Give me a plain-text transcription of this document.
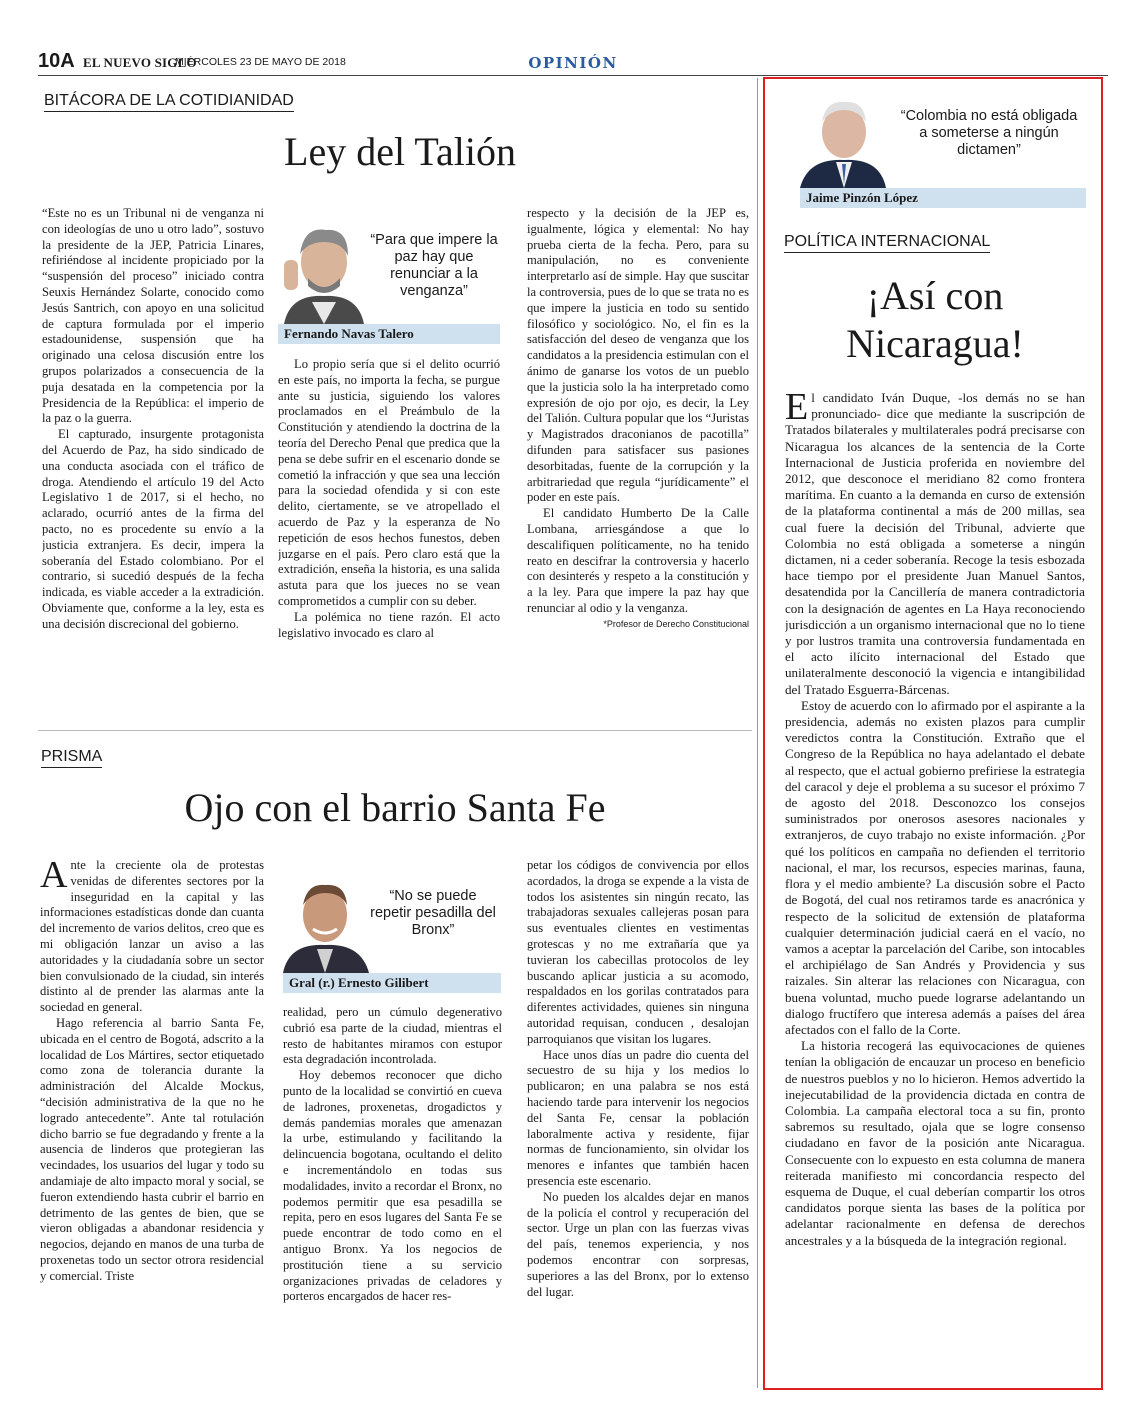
10A EL NUEVO SIGLO
MIÉRCOLES 23 DE MAYO DE 2018	OPINIÓN
BITÁCORA DE LA COTIDIANIDAD
Ley del Talión

“Este no es un Tribunal ni de venganza ni con ideologías de uno u otro lado”, sostuvo la presidente de la JEP, Patricia Linares, refiriéndose al incidente propiciado por la “suspensión del proceso” iniciado contra Seuxis Hernández Solarte, conocido como Jesús Santrich, con apoyo en una solicitud de captura formulada por el imperio estadounidense, suspensión que ha originado una celosa discusión entre los grupos polarizados a consecuencia de la puja desatada en la competencia por la Presidencia de la República: el imperio de la paz o la guerra.

El capturado, insurgente protagonista del Acuerdo de Paz, ha sido sindicado de una conducta asociada con el tráfico de droga. Atendiendo el artículo 19 del Acto Legislativo 1 de 2017, si el hecho, no aclarado, ocurrió antes de la firma del pacto, no es procedente su envío a la justicia extranjera. Es decir, impera la soberanía del Estado colombiano. Por el contrario, si sucedió después de la fecha indicada, es viable acceder a la extradición. Obviamente que, conforme a la ley, esta es una decisión discrecional del gobierno.

“Para que impere la paz hay que renunciar a la venganza”
Fernando Navas Talero

Lo propio sería que si el delito ocurrió en este país, no importa la fecha, se purgue ante su justicia, siguiendo los valores proclamados en el Preámbulo de la Constitución y atendiendo la doctrina de la teoría del Derecho Penal que predica que la pena se debe sufrir en el escenario donde se cometió la infracción y que sea una lección para la sociedad ofendida y si con este delito, ciertamente, se ve atropellado el acuerdo de Paz y la esperanza de No repetición de esos hechos funestos, deben juzgarse en el país. Pero claro está que la extradición, enseña la historia, es una salida astuta para que los jueces no se vean comprometidos a cumplir con su deber.

La polémica no tiene razón. El acto legislativo invocado es claro al

respecto y la decisión de la JEP es, igualmente, lógica y elemental: No hay prueba cierta de la fecha. Pero, para su manipulación, no es conveniente interpretarlo así de simple. Hay que suscitar la controversia, pues de lo que se trata no es que impere la justicia en todo su sentido filosófico y sociológico. No, el fin es la satisfacción del deseo de venganza que los candidatos a la presidencia estimulan con el ánimo de ganarse los votos de un pueblo que la justicia solo la ha interpretado como expresión de ojo por ojo, es decir, la Ley del Talión. Cultura popular que los “Juristas y Magistrados draconianos de pacotilla” difunden para satisfacer sus pasiones desorbitadas, fuente de la corrupción y la arbitrariedad que regula “jurídicamente” el poder en este país.

El candidato Humberto De la Calle Lombana, arriesgándose a que lo descalifiquen políticamente, no ha tenido reato en descifrar la controversia y hacerlo con desinterés y respeto a la constitución y a la ley. Para que impere la paz hay que renunciar al odio y la venganza.

*Profesor de Derecho Constitucional

PRISMA
Ojo con el barrio Santa Fe

Ante la creciente ola de protestas venidas de diferentes sectores por la inseguridad en la capital y las informaciones estadísticas donde dan cuanta del incremento de varios delitos, creo que es mi obligación lanzar un aviso a las autoridades y la ciudadanía sobre un sector bien convulsionado de la ciudad, sin interés distinto al de prender las alarmas ante la sociedad en general.

Hago referencia al barrio Santa Fe, ubicada en el centro de Bogotá, adscrito a la localidad de Los Mártires, sector etiquetado como zona de tolerancia durante la administración del Alcalde Mockus, “decisión administrativa de la que no he logrado antecedente”. Ante tal rotulación dicho barrio se fue degradando y frente a la ausencia de linderos que protegieran las vecindades, los usuarios del lugar y todo su andamiaje de alto impacto moral y social, se fueron extendiendo hasta cubrir el barrio en detrimento de las gentes de bien, que se vieron obligadas a abandonar residencia y negocios, dejando en manos de una turba de proxenetas todo un sector otrora residencial y comercial. Triste

“No se puede repetir pesadilla del Bronx”
Gral (r.) Ernesto Gilibert

realidad, pero un cúmulo degenerativo cubrió esa parte de la ciudad, mientras el resto de habitantes miramos con estupor esta degradación incontrolada.

Hoy debemos reconocer que dicho punto de la localidad se convirtió en cueva de ladrones, proxenetas, drogadictos y demás pandemias morales que amenazan la urbe, estimulando y facilitando la delincuencia bogotana, ocultando el delito e incrementándolo en todas sus modalidades, invito a recordar el Bronx, no podemos permitir que esa pesadilla se repita, pero en esos lugares del Santa Fe se puede encontrar de todo como en el antiguo Bronx. Ya los negocios de prostitución tiene a su servicio organizaciones privadas de celadores y porteros encargados de hacer res-

petar los códigos de convivencia por ellos acordados, la droga se expende a la vista de todos los asistentes sin ningún recato, las trabajadoras sexuales callejeras posan para sus eventuales clientes en vestimentas grotescas y no me extrañaría que ya tuvieran los cabecillas protocolos de ley buscando aplicar justicia a su acomodo, respaldados en los gorilas contratados para diferentes actividades, quienes sin ninguna autoridad requisan, conducen , desalojan parroquianos que visitan los lugares.

Hace unos días un padre dio cuenta del secuestro de su hija y los medios lo publicaron; en una palabra se nos está haciendo tarde para intervenir los negocios del Santa Fe, censar la población laboralmente activa y residente, fijar normas de funcionamiento, sin olvidar los menores e infantes que también hacen presencia este escenario.

No pueden los alcaldes dejar en manos de la policía el control y recuperación del sector. Urge un plan con las fuerzas vivas del país, tenemos experiencia, y nos podemos encontrar con sorpresas, superiores a las del Bronx, por lo extenso del lugar.

“Colombia no está obligada a someterse a ningún dictamen”
Jaime Pinzón López
POLÍTICA INTERNACIONAL
¡Así con
Nicaragua!

El candidato Iván Duque, -los demás no se han pronunciado- dice que mediante la suscripción de Tratados bilaterales y multilaterales podrá precisarse con Nicaragua los alcances de la sentencia de la Corte Internacional de Justicia proferida en noviembre del 2012, que desconoce el meridiano 82 como frontera marítima. En cuanto a la demanda en curso de extensión de la plataforma continental a más de 200 millas, sea cual fuere la decisión del Tribunal, advierte que Colombia no está obligada a someterse a ningún dictamen, ni a ceder soberanía. Recoge la tesis esbozada hace tiempo por el presidente Juan Manuel Santos, desatendida por la Cancillería de manera contradictoria con la designación de agentes en La Haya reconociendo jurisdicción a un organismo internacional que no lo tiene y por lustros tramita una controversia fundamentada en el acto ilícito internacional del Estado que unilateralmente desconoció la vigencia e intangibilidad del Tratado Esguerra-Bárcenas.

Estoy de acuerdo con lo afirmado por el aspirante a la presidencia, además no existen plazos para cumplir veredictos contra la Constitución. Extraño que el Congreso de la República no haya adelantado el debate al respecto, que el actual gobierno prefiriese la estrategia del caracol y deje el problema a su sucesor el próximo 7 de agosto del 2018. Desconozco los consejos suministrados por onerosos asesores nacionales y extranjeros, de cuyo trabajo no existe información. ¿Por qué los políticos en campaña no defienden el territorio nacional, el mar, los recursos, especies marinas, fauna, flora y el medio ambiente? La discusión sobre el Pacto de Bogotá, del cual nos retiramos tarde es anacrónica y respecto de la solicitud de extensión de plataforma cualquier determinación judicial caerá en el vacío, no vamos a aceptar la parcelación del Caribe, son intocables el archipiélago de San Andrés y Providencia y sus raizales. Sin alterar las relaciones con Nicaragua, con buena voluntad, mucho puede lograrse adelantando un dialogo fructífero que interesa además a países del área afectados con el fallo de la Corte.

La historia recogerá las equivocaciones de quienes tenían la obligación de encauzar un proceso en beneficio de nuestros pueblos y no lo hicieron. Hemos advertido la inejecutabilidad de la providencia dictada en contra de Colombia. La campaña electoral toca a su fin, pronto sabremos su resultado, ojala que se logre consenso ciudadano en favor de la posición ante Nicaragua. Consecuente con lo expuesto en esta columna de manera reiterada manifiesto mi concordancia respecto del esquema de Duque, el cual deberían compartir los otros candidatos porque sienta las bases de la política por adelantar racionalmente en defensa de derechos ancestrales y a la búsqueda de la integración regional.
